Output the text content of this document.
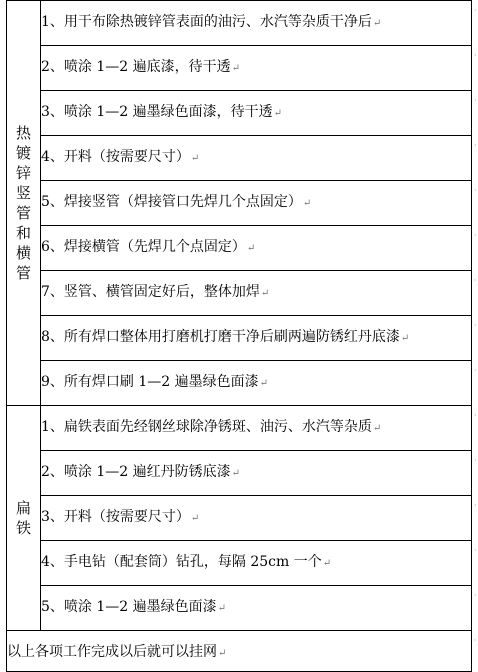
热镀锌竖管和横管	1、用干布除热镀锌管表面的油污、水汽等杂质干净后↵
	2、喷涂 1—2 遍底漆，待干透↵
	3、喷涂 1—2 遍墨绿色面漆，待干透↵
	4、开料（按需要尺寸）↵
	5、焊接竖管（焊接管口先焊几个点固定）↵
	6、焊接横管（先焊几个点固定）↵
	7、竖管、横管固定好后，整体加焊↵
	8、所有焊口整体用打磨机打磨干净后刷两遍防锈红丹底漆↵
	9、所有焊口刷 1—2 遍墨绿色面漆↵
扁铁	1、扁铁表面先经钢丝球除净锈斑、油污、水汽等杂质↵
	2、喷涂 1—2 遍红丹防锈底漆↵
	3、开料（按需要尺寸）↵
	4、手电钻（配套筒）钻孔，每隔 25cm 一个↵
	5、喷涂 1—2 遍墨绿色面漆↵
以上各项工作完成以后就可以挂网↵	
·
·
·
·
·
·
·
·
·
·
·
·
·
·
·
